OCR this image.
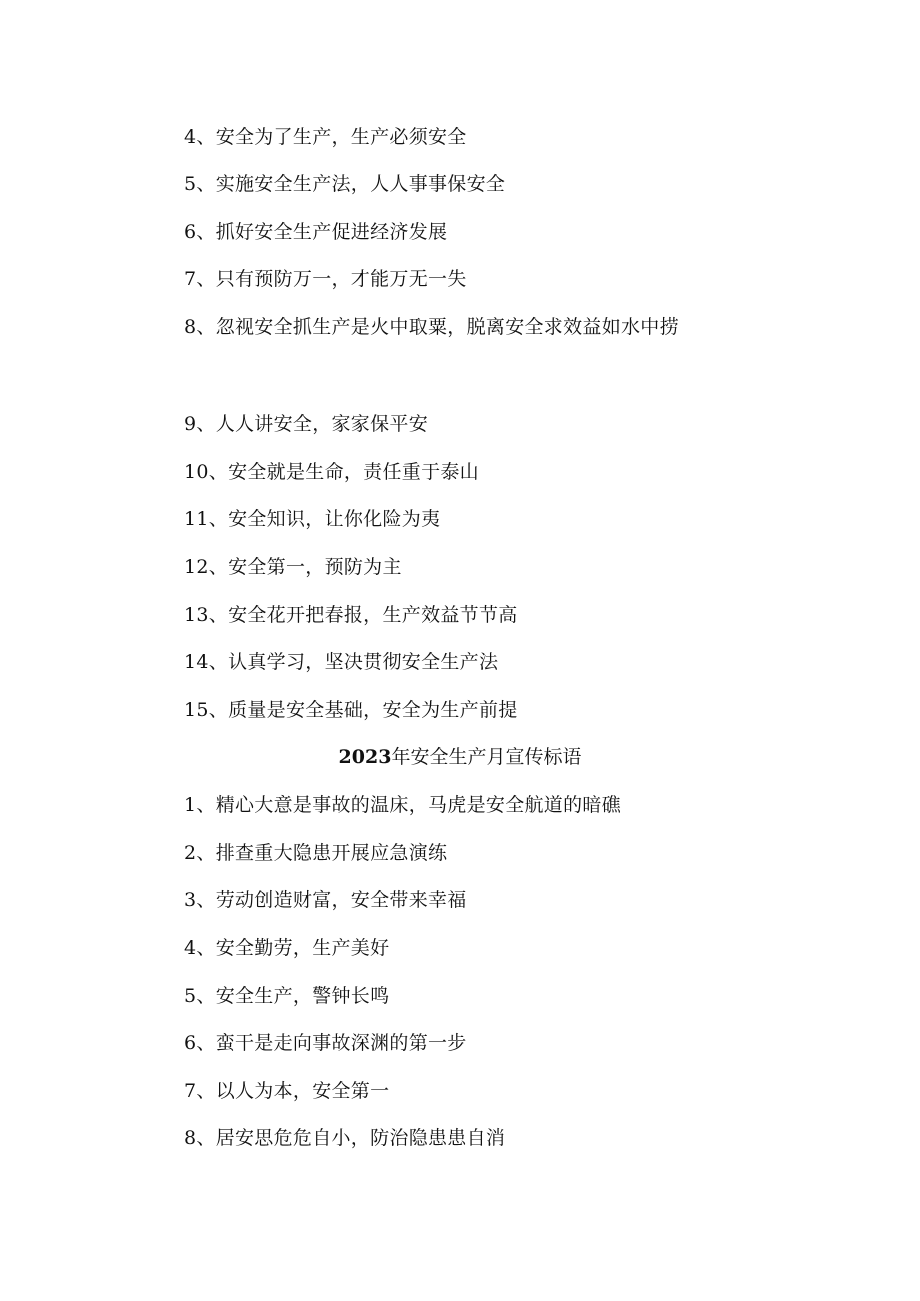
4、安全为了生产，生产必须安全
5、实施安全生产法，人人事事保安全
6、抓好安全生产促进经济发展
7、只有预防万一，才能万无一失
8、忽视安全抓生产是火中取粟，脱离安全求效益如水中捞
9、人人讲安全，家家保平安
10、安全就是生命，责任重于泰山
11、安全知识，让你化险为夷
12、安全第一，预防为主
13、安全花开把春报，生产效益节节高
14、认真学习，坚决贯彻安全生产法
15、质量是安全基础，安全为生产前提
2023年安全生产月宣传标语
1、精心大意是事故的温床，马虎是安全航道的暗礁
2、排查重大隐患开展应急演练
3、劳动创造财富，安全带来幸福
4、安全勤劳，生产美好
5、安全生产，警钟长鸣
6、蛮干是走向事故深渊的第一步
7、以人为本，安全第一
8、居安思危危自小，防治隐患患自消
